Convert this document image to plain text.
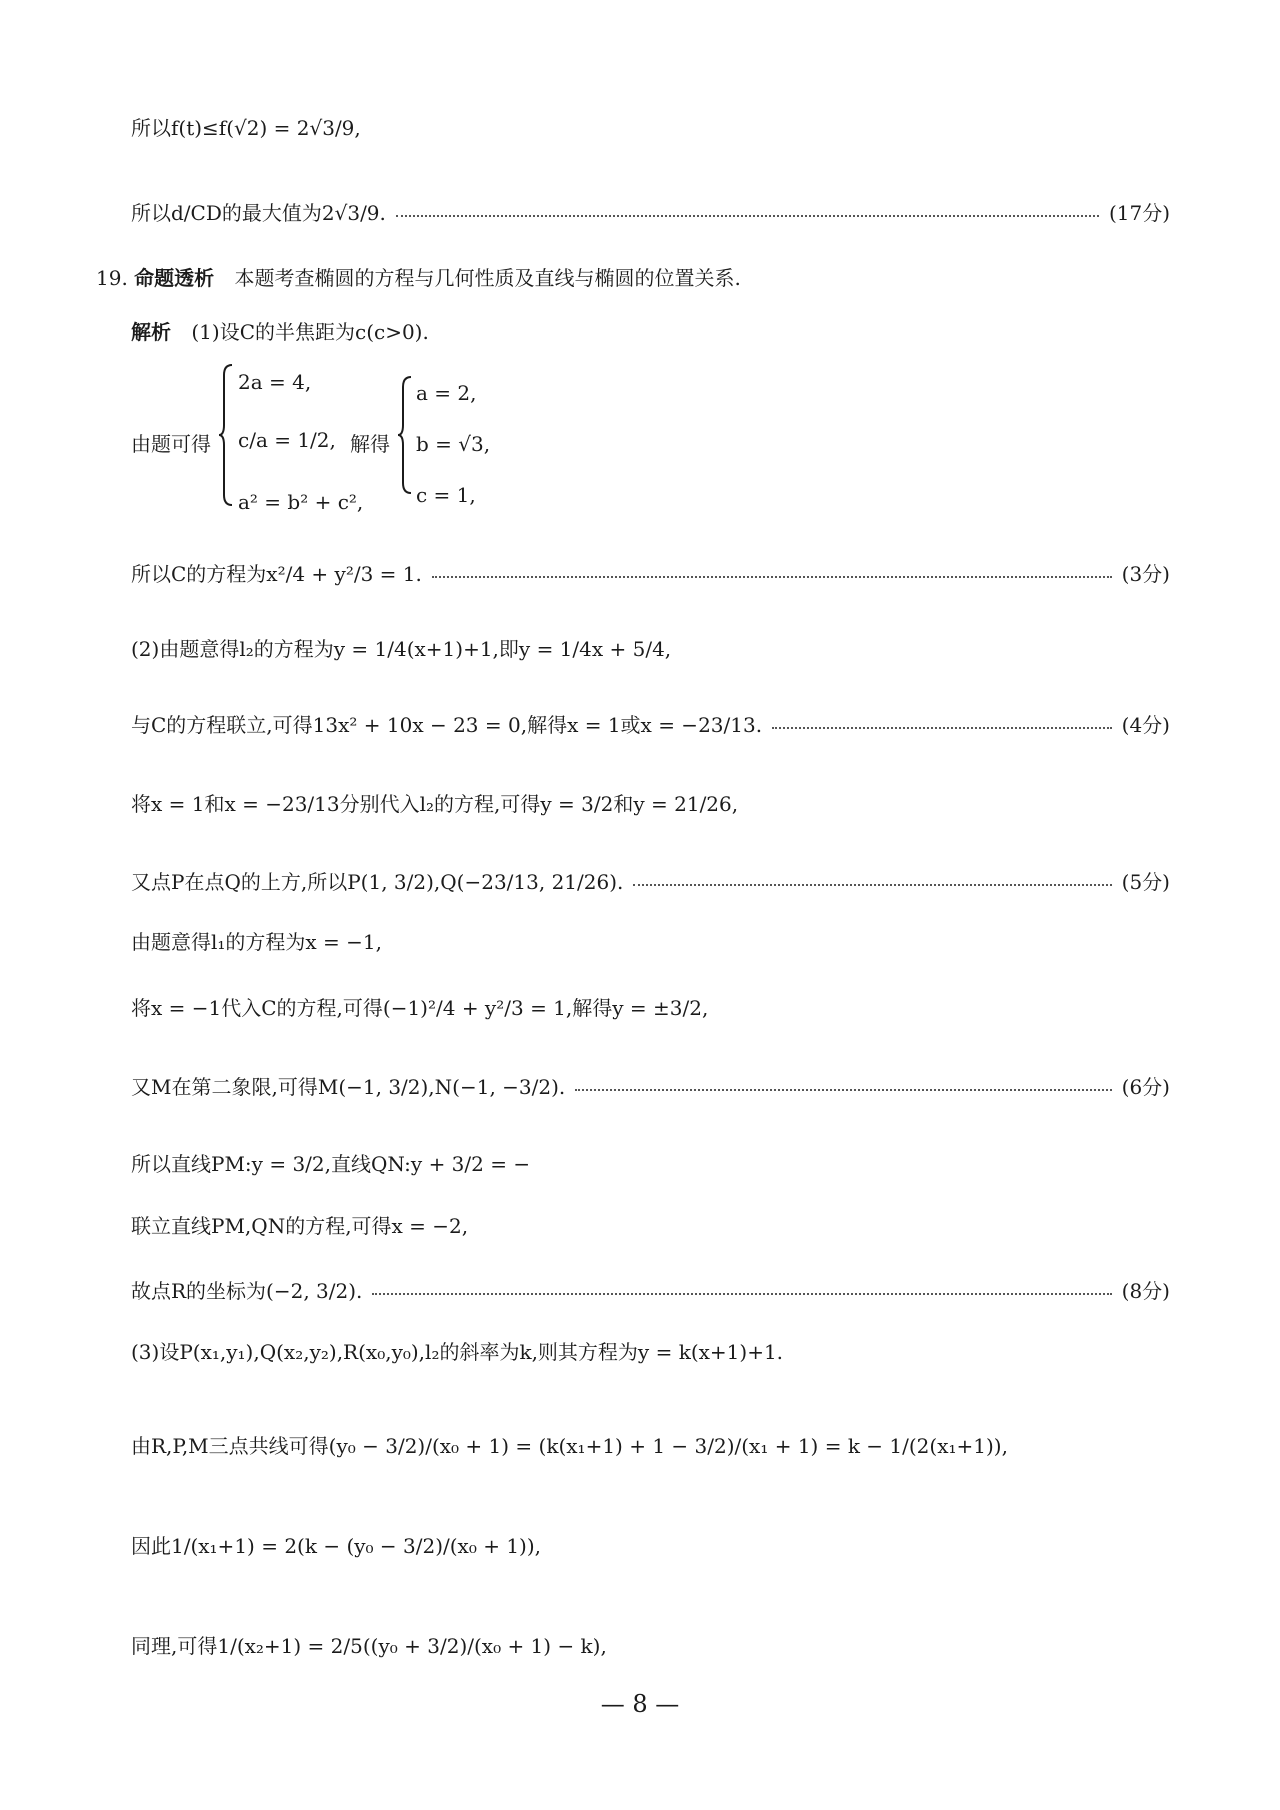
所以f(t)≤f(√2) = 2√3/9,
所以d/CD的最大值为2√3/9.	(17分)
19. 命题透析 本题考查椭圆的方程与几何性质及直线与椭圆的位置关系.
解析 (1)设C的半焦距为c(c>0).
由题可得
2a = 4,
c/a = 1/2,
a² = b² + c²,
解得
a = 2,
b = √3,
c = 1,
所以C的方程为x²/4 + y²/3 = 1.	(3分)
(2)由题意得l₂的方程为y = 1/4(x+1)+1,即y = 1/4x + 5/4,
与C的方程联立,可得13x² + 10x − 23 = 0,解得x = 1或x = −23/13.	(4分)
将x = 1和x = −23/13分别代入l₂的方程,可得y = 3/2和y = 21/26,
又点P在点Q的上方,所以P(1, 3/2),Q(−23/13, 21/26).	(5分)
由题意得l₁的方程为x = −1,
将x = −1代入C的方程,可得(−1)²/4 + y²/3 = 1,解得y = ±3/2,
又M在第二象限,可得M(−1, 3/2),N(−1, −3/2).	(6分)
所以直线PM:y = 3/2,直线QN:y + 3/2 = −
联立直线PM,QN的方程,可得x = −2,
故点R的坐标为(−2, 3/2).	(8分)
(3)设P(x₁,y₁),Q(x₂,y₂),R(x₀,y₀),l₂的斜率为k,则其方程为y = k(x+1)+1.
由R,P,M三点共线可得(y₀ − 3/2)/(x₀ + 1) = (k(x₁+1) + 1 − 3/2)/(x₁ + 1) = k − 1/(2(x₁+1)),
因此1/(x₁+1) = 2(k − (y₀ − 3/2)/(x₀ + 1)),
同理,可得1/(x₂+1) = 2/5((y₀ + 3/2)/(x₀ + 1) − k),
— 8 —
